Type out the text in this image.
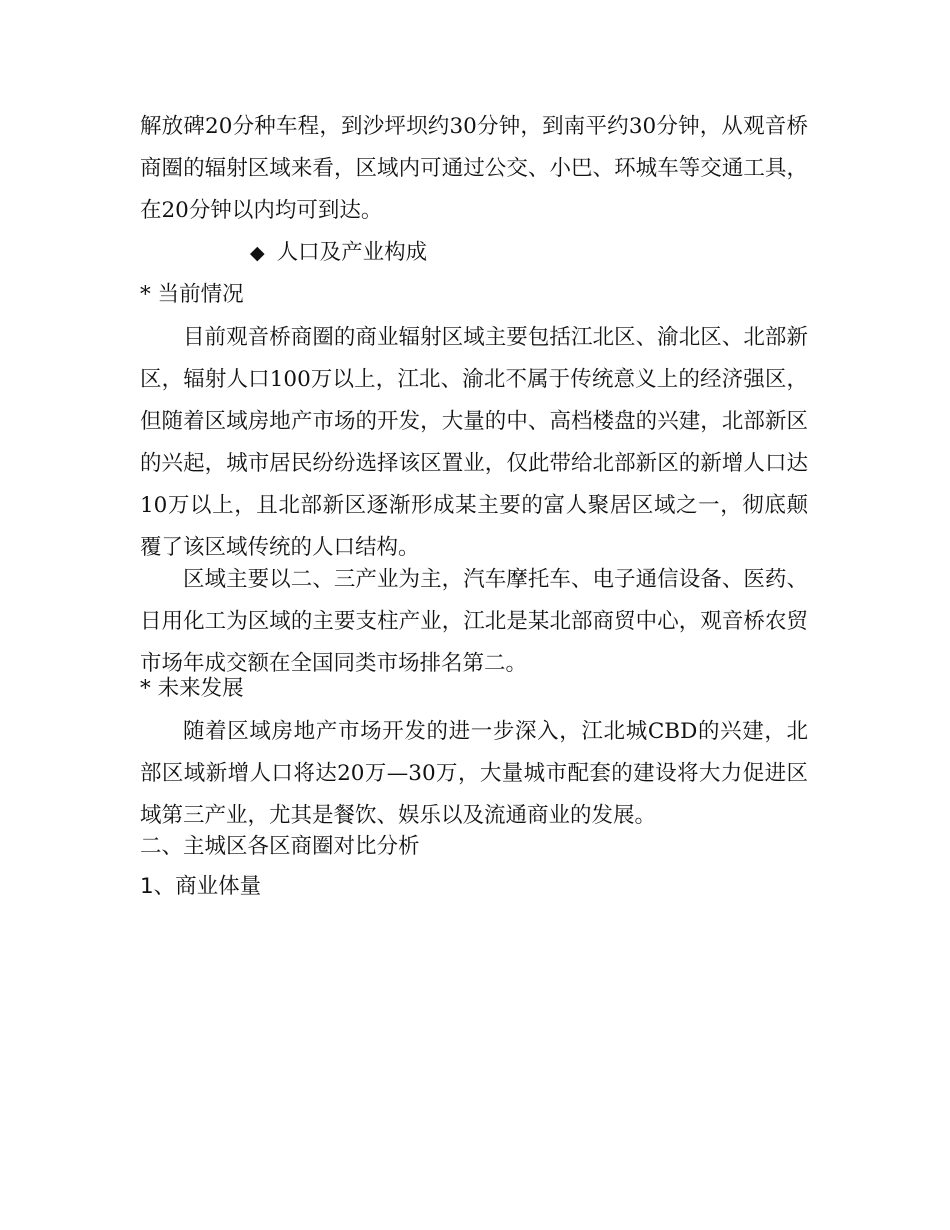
解放碑20分种车程，到沙坪坝约30分钟，到南平约30分钟，从观音桥商圈的辐射区域来看，区域内可通过公交、小巴、环城车等交通工具，在20分钟以内均可到达。

◆ 人口及产业构成
* 当前情况

目前观音桥商圈的商业辐射区域主要包括江北区、渝北区、北部新区，辐射人口100万以上，江北、渝北不属于传统意义上的经济强区，但随着区域房地产市场的开发，大量的中、高档楼盘的兴建，北部新区的兴起，城市居民纷纷选择该区置业，仅此带给北部新区的新增人口达10万以上，且北部新区逐渐形成某主要的富人聚居区域之一，彻底颠覆了该区域传统的人口结构。

区域主要以二、三产业为主，汽车摩托车、电子通信设备、医药、日用化工为区域的主要支柱产业，江北是某北部商贸中心，观音桥农贸市场年成交额在全国同类市场排名第二。

* 未来发展

随着区域房地产市场开发的进一步深入，江北城CBD的兴建，北部区域新增人口将达20万—30万，大量城市配套的建设将大力促进区域第三产业，尤其是餐饮、娱乐以及流通商业的发展。

二、主城区各区商圈对比分析
1、商业体量
